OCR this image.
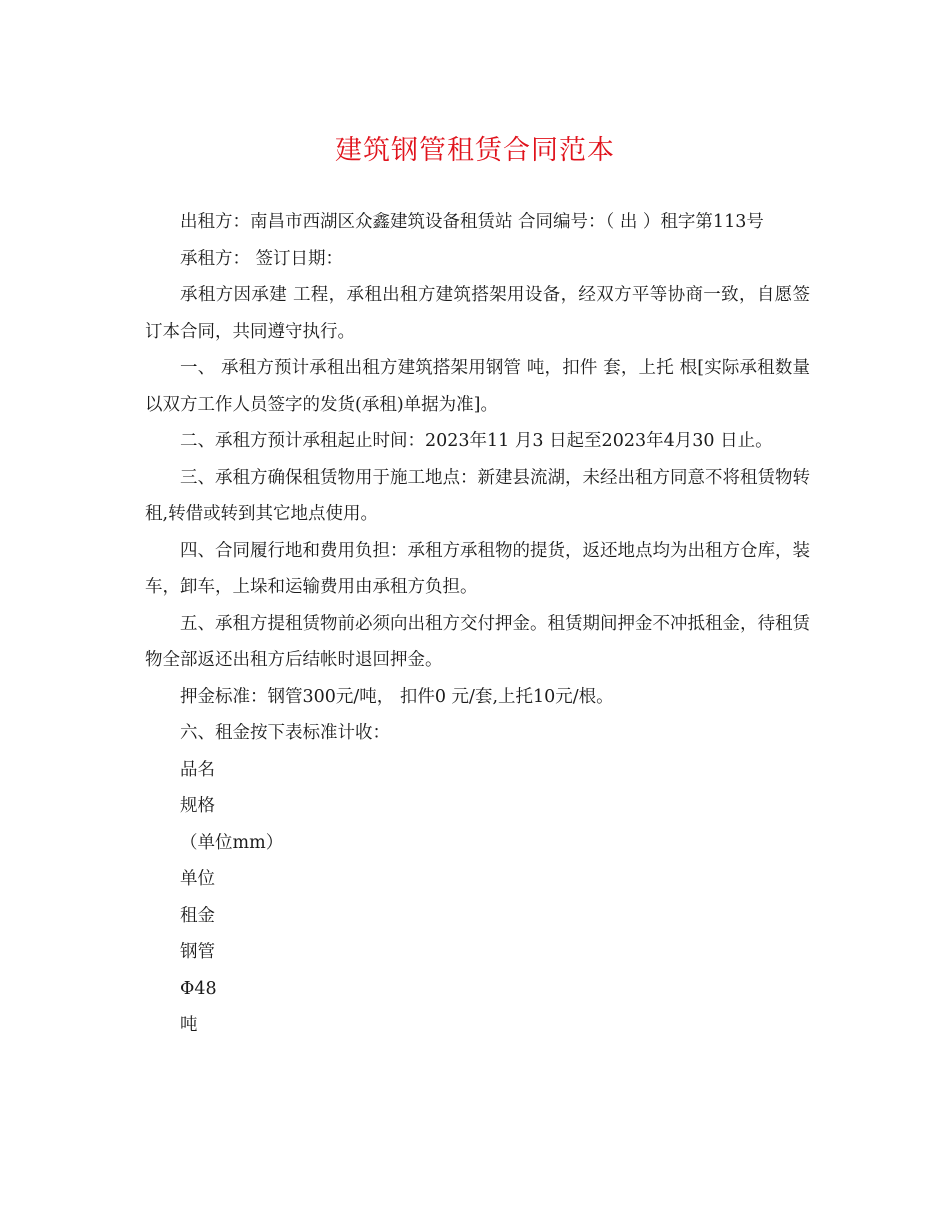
建筑钢管租赁合同范本

出租方：南昌市西湖区众鑫建筑设备租赁站 合同编号：（ 出 ）租字第113号

承租方： 签订日期：

承租方因承建 工程，承租出租方建筑搭架用设备，经双方平等协商一致，自愿签订本合同，共同遵守执行。

一、 承租方预计承租出租方建筑搭架用钢管 吨，扣件 套，上托 根[实际承租数量以双方工作人员签字的发货(承租)单据为准]。

二、承租方预计承租起止时间：2023年11 月3 日起至2023年4月30 日止。

三、承租方确保租赁物用于施工地点：新建县流湖，未经出租方同意不将租赁物转租,转借或转到其它地点使用。

四、合同履行地和费用负担：承租方承租物的提货，返还地点均为出租方仓库，装车，卸车，上垛和运输费用由承租方负担。

五、承租方提租赁物前必须向出租方交付押金。租赁期间押金不冲抵租金，待租赁物全部返还出租方后结帐时退回押金。

押金标准：钢管300元/吨， 扣件0 元/套,上托10元/根。

六、租金按下表标准计收：

品名
规格
（单位mm）
单位
租金
钢管
Φ48
吨
